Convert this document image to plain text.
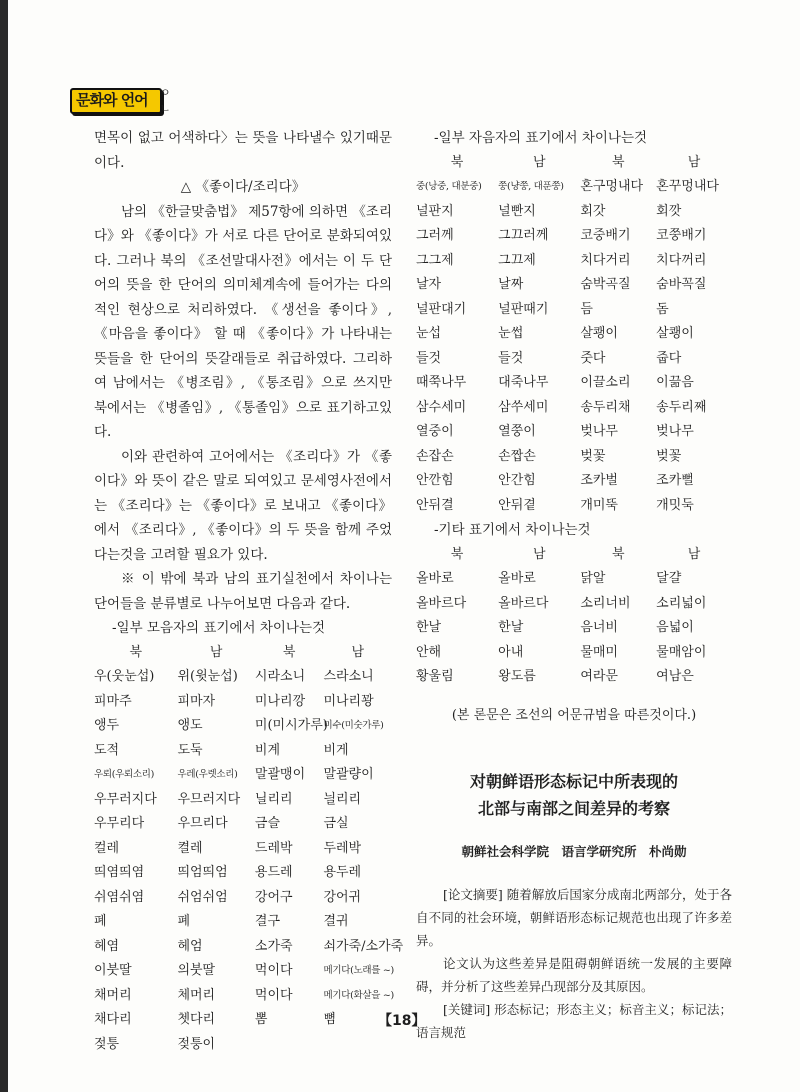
문화와 언어 ㅇㄴ

면목이 없고 어색하다〉는 뜻을 나타낼수 있기때문이다.

△ 《좋이다/조리다》

남의 《한글맞춤법》 제57항에 의하면 《조리다》와 《좋이다》가 서로 다른 단어로 분화되여있다. 그러나 북의 《조선말대사전》에서는 이 두 단어의 뜻을 한 단어의 의미체계속에 들어가는 다의적인 현상으로 처리하였다. 《생선을 좋이다》, 《마음을 좋이다》 할 때 《좋이다》가 나타내는 뜻들을 한 단어의 뜻갈래들로 취급하였다. 그리하여 남에서는 《병조림》, 《통조림》으로 쓰지만 북에서는 《병졸임》, 《통졸임》으로 표기하고있다.

이와 관련하여 고어에서는 《조리다》가 《좋이다》와 뜻이 같은 말로 되여있고 문세영사전에서는 《조리다》는 《좋이다》로 보내고 《좋이다》에서 《조리다》, 《좋이다》의 두 뜻을 함께 주었다는것을 고려할 필요가 있다.

※ 이 밖에 북과 남의 표기실천에서 차이나는 단어들을 분류별로 나누어보면 다음과 같다.

-일부 모음자의 표기에서 차이나는것

북	남	북	남
우(웃눈섭)	위(윗눈섭)	시라소니	스라소니
피마주	피마자	미나리깡	미나리꽝
앵두	앵도	미(미시가루)	미수(미숫가루)
도적	도둑	비계	비게
우뢰(우뢰소리)	우레(우렛소리)	말괄맹이	말괄량이
우무러지다	우므러지다	닐리리	늴리리
우무리다	우므리다	금슬	금실
컬레	켤레	드레박	두레박
띄염띄염	띄엄띄엄	용드레	용두레
쉬염쉬염	쉬엄쉬엄	강어구	강어귀
폐	폐	결구	결귀
헤염	헤엄	소가죽	쇠가죽/소가죽
이붓딸	의붓딸	먹이다	메기다(노래를 ~)
채머리	체머리	먹이다	메기다(화살을 ~)
채다리	쳇다리	뽐	뼘
젖퉁	젖퉁이		

-일부 자음자의 표기에서 차이나는것

북	남	북	남
중(낭중, 대분중)	쭝(냥쭝, 대푼쭝)	혼구멍내다	혼꾸멍내다
널판지	널빤지	회갓	회깟
그러께	그끄러께	코중배기	코쭝배기
그그제	그끄제	치다거리	치다꺼리
날자	날짜	숨박곡질	숨바꼭질
널판대기	널판때기	듬	돔
눈섭	눈썹	살쾡이	살쾡이
들것	들것	줏다	줍다
때쭉나무	대죽나무	이끌소리	이끎음
삼수세미	삼쑤세미	송두리채	송두리째
열중이	열쭝이	벚나무	벚나무
손잡손	손짭손	벚꽃	벚꽃
안깐힘	안간힘	조카벌	조카뻘
안뒤결	안뒤곁	개미뚝	개밋둑

-기타 표기에서 차이나는것

북	남	북	남
올바로	올바로	닭알	달걀
올바르다	올바르다	소리너비	소리넓이
한날	한날	음너비	음넓이
안해	아내	물매미	물매암이
황울림	왕도름	여라문	여남은

(본 론문은 조선의 어문규범을 따른것이다.)

对朝鲜语形态标记中所表现的

北部与南部之间差异的考察

朝鲜社会科学院　语言学研究所　朴尚勋

[论文摘要] 随着解放后国家分成南北两部分，处于各自不同的社会环境，朝鲜语形态标记规范也出现了许多差异。

论文认为这些差异是阻碍朝鲜语统一发展的主要障碍，并分析了这些差异凸现部分及其原因。

[关键词] 形态标记；形态主义；标音主义；标记法；语言规范

【18】
